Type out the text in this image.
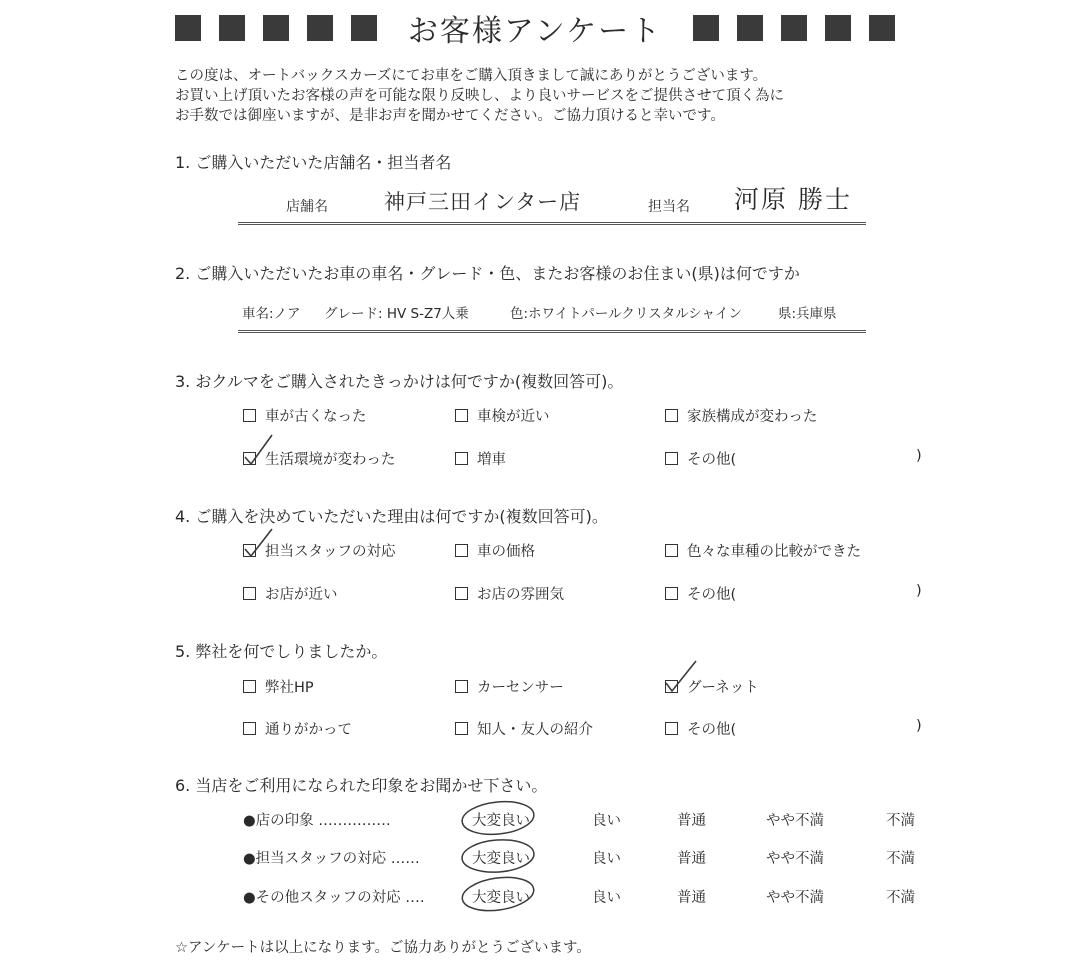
お客様アンケート
この度は、オートバックスカーズにてお車をご購入頂きまして誠にありがとうございます。
お買い上げ頂いたお客様の声を可能な限り反映し、より良いサービスをご提供させて頂く為に
お手数では御座いますが、是非お声を聞かせてください。ご協力頂けると幸いです。
1. ご購入いただいた店舗名・担当者名
店舗名	神戸三田インター店	担当名 河原 勝士
2. ご購入いただいたお車の車名・グレード・色、またお客様のお住まい(県)は何ですか
車名:ノア グレード: HV S-Z7人乗	色:ホワイトパールクリスタルシャイン	県:兵庫県
3. おクルマをご購入されたきっかけは何ですか(複数回答可)。
車が古くなった	車検が近い	家族構成が変わった
生活環境が変わった	増車	その他(	)
4. ご購入を決めていただいた理由は何ですか(複数回答可)。
担当スタッフの対応	車の価格	色々な車種の比較ができた
お店が近い	お店の雰囲気	その他(	)
5. 弊社を何でしりましたか。
弊社HP	カーセンサー	グーネット
通りがかって	知人・友人の紹介	その他(	)
6. 当店をご利用になられた印象をお聞かせ下さい。
●店の印象 ……………	大変良い	良い	普通	やや不満	不満
●担当スタッフの対応 ……	大変良い	良い	普通	やや不満	不満
●その他スタッフの対応 ‥‥	大変良い	良い	普通	やや不満	不満
☆アンケートは以上になります。ご協力ありがとうございます。
